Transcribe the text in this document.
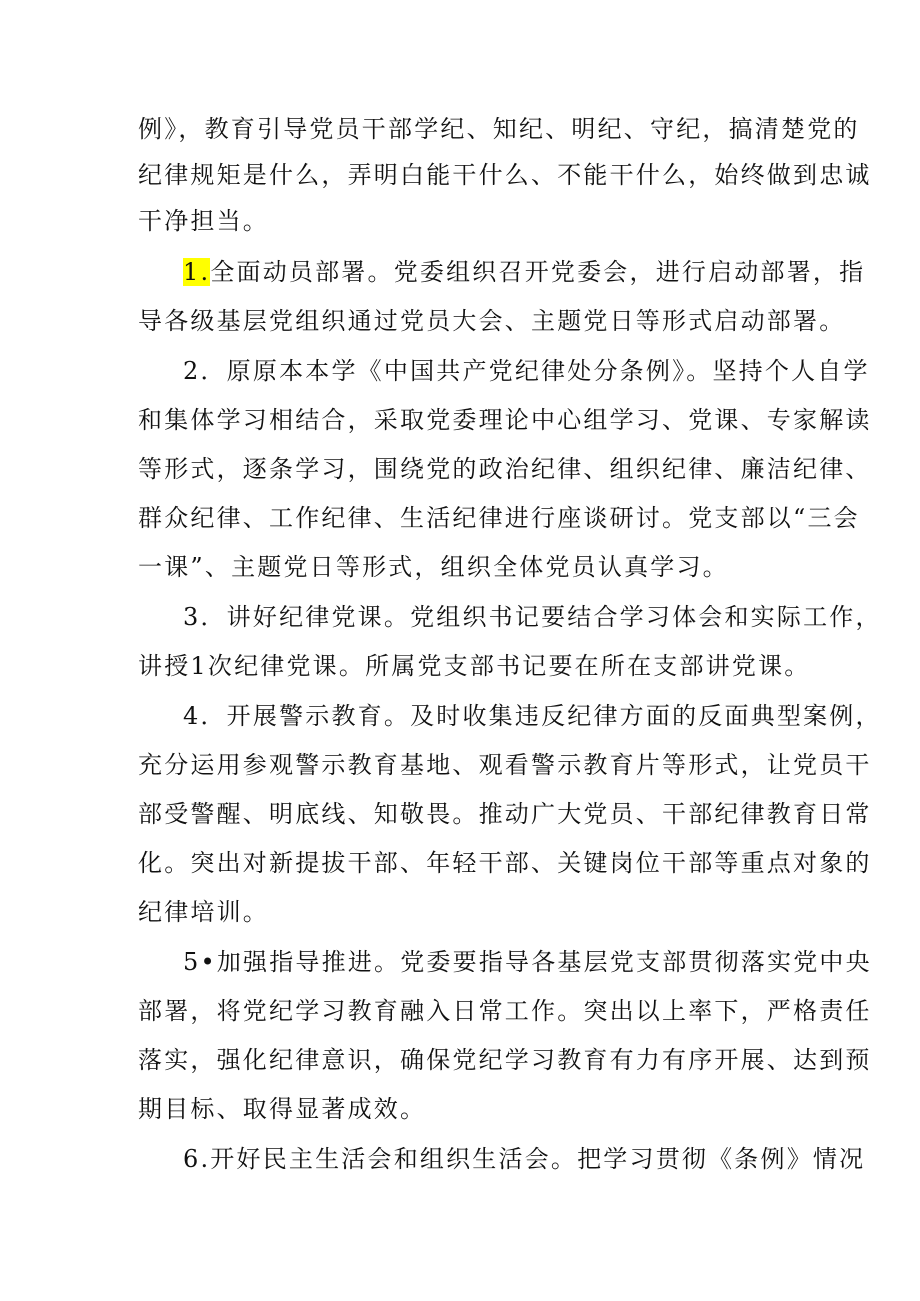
例》，教育引导党员干部学纪、知纪、明纪、守纪，搞清楚党的
纪律规矩是什么，弄明白能干什么、不能干什么，始终做到忠诚
干净担当。
1.全面动员部署。党委组织召开党委会，进行启动部署，指
导各级基层党组织通过党员大会、主题党日等形式启动部署。
2．原原本本学《中国共产党纪律处分条例》。坚持个人自学
和集体学习相结合，采取党委理论中心组学习、党课、专家解读
等形式，逐条学习，围绕党的政治纪律、组织纪律、廉洁纪律、
群众纪律、工作纪律、生活纪律进行座谈研讨。党支部以“三会
一课”、主题党日等形式，组织全体党员认真学习。
3．讲好纪律党课。党组织书记要结合学习体会和实际工作，
讲授1次纪律党课。所属党支部书记要在所在支部讲党课。
4．开展警示教育。及时收集违反纪律方面的反面典型案例，
充分运用参观警示教育基地、观看警示教育片等形式，让党员干
部受警醒、明底线、知敬畏。推动广大党员、干部纪律教育日常
化。突出对新提拔干部、年轻干部、关键岗位干部等重点对象的
纪律培训。
5•加强指导推进。党委要指导各基层党支部贯彻落实党中央
部署，将党纪学习教育融入日常工作。突出以上率下，严格责任
落实，强化纪律意识，确保党纪学习教育有力有序开展、达到预
期目标、取得显著成效。
6.开好民主生活会和组织生活会。把学习贯彻《条例》情况
